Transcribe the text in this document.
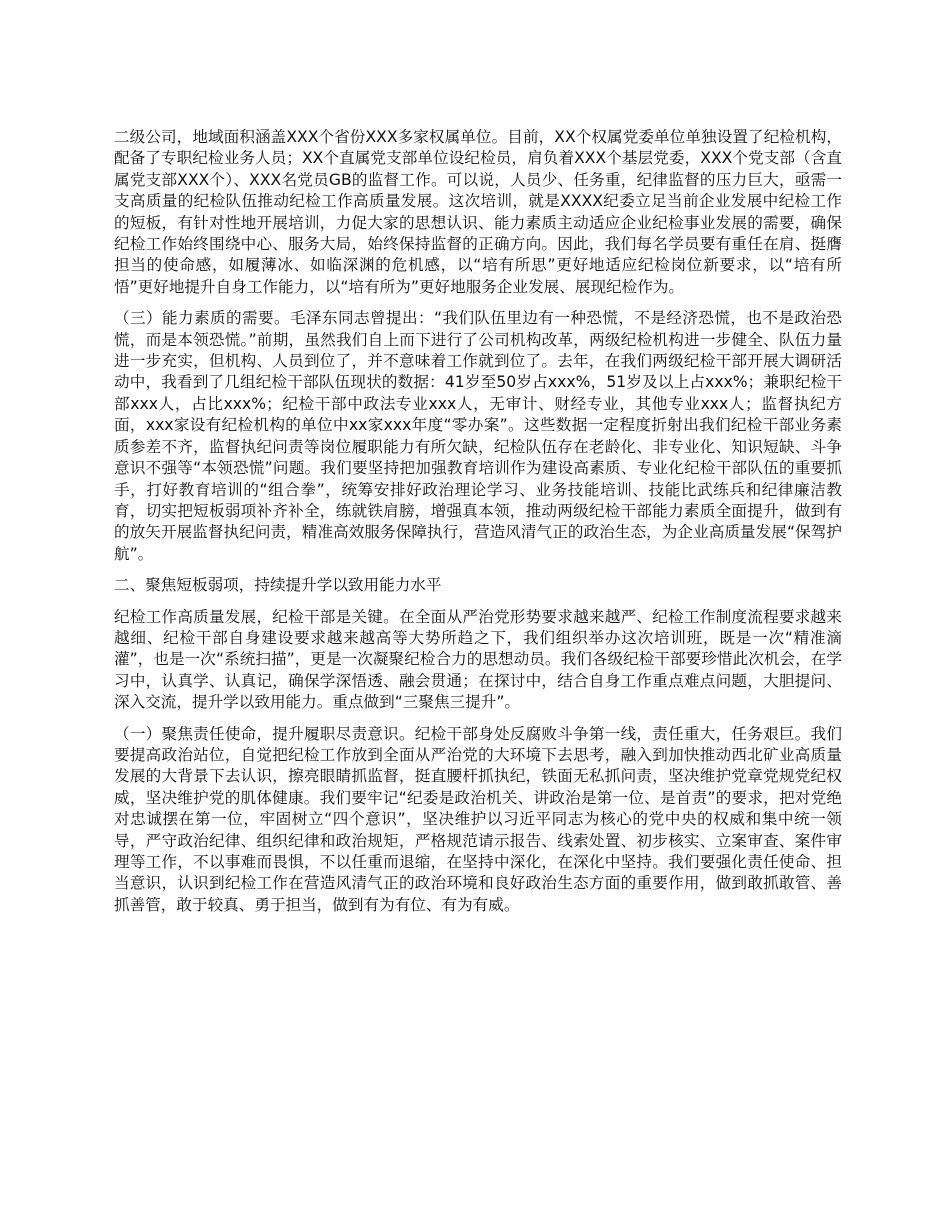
二级公司，地域面积涵盖XXX个省份XXX多家权属单位。目前，XX个权属党委单位单独设置了纪检机构，配备了专职纪检业务人员；XX个直属党支部单位设纪检员，肩负着XXX个基层党委，XXX个党支部（含直属党支部XXX个）、XXX名党员GB的监督工作。可以说，人员少、任务重，纪律监督的压力巨大，亟需一支高质量的纪检队伍推动纪检工作高质量发展。这次培训，就是XXXX纪委立足当前企业发展中纪检工作的短板，有针对性地开展培训，力促大家的思想认识、能力素质主动适应企业纪检事业发展的需要，确保纪检工作始终围绕中心、服务大局，始终保持监督的正确方向。因此，我们每名学员要有重任在肩、挺膺担当的使命感，如履薄冰、如临深渊的危机感，以“培有所思”更好地适应纪检岗位新要求，以“培有所悟”更好地提升自身工作能力，以“培有所为”更好地服务企业发展、展现纪检作为。

（三）能力素质的需要。毛泽东同志曾提出：“我们队伍里边有一种恐慌，不是经济恐慌，也不是政治恐慌，而是本领恐慌。”前期，虽然我们自上而下进行了公司机构改革，两级纪检机构进一步健全、队伍力量进一步充实，但机构、人员到位了，并不意味着工作就到位了。去年，在我们两级纪检干部开展大调研活动中，我看到了几组纪检干部队伍现状的数据：41岁至50岁占xxx%，51岁及以上占xxx%；兼职纪检干部xxx人，占比xxx%；纪检干部中政法专业xxx人，无审计、财经专业，其他专业xxx人；监督执纪方面，xxx家设有纪检机构的单位中xx家xxx年度“零办案”。这些数据一定程度折射出我们纪检干部业务素质参差不齐，监督执纪问责等岗位履职能力有所欠缺，纪检队伍存在老龄化、非专业化、知识短缺、斗争意识不强等“本领恐慌”问题。我们要坚持把加强教育培训作为建设高素质、专业化纪检干部队伍的重要抓手，打好教育培训的“组合拳”，统筹安排好政治理论学习、业务技能培训、技能比武练兵和纪律廉洁教育，切实把短板弱项补齐补全，练就铁肩膀，增强真本领，推动两级纪检干部能力素质全面提升，做到有的放矢开展监督执纪问责，精准高效服务保障执行，营造风清气正的政治生态，为企业高质量发展“保驾护航”。

二、聚焦短板弱项，持续提升学以致用能力水平

纪检工作高质量发展，纪检干部是关键。在全面从严治党形势要求越来越严、纪检工作制度流程要求越来越细、纪检干部自身建设要求越来越高等大势所趋之下，我们组织举办这次培训班，既是一次“精准滴灌”，也是一次“系统扫描”，更是一次凝聚纪检合力的思想动员。我们各级纪检干部要珍惜此次机会，在学习中，认真学、认真记，确保学深悟透、融会贯通；在探讨中，结合自身工作重点难点问题，大胆提问、深入交流，提升学以致用能力。重点做到“三聚焦三提升”。

（一）聚焦责任使命，提升履职尽责意识。纪检干部身处反腐败斗争第一线，责任重大，任务艰巨。我们要提高政治站位，自觉把纪检工作放到全面从严治党的大环境下去思考，融入到加快推动西北矿业高质量发展的大背景下去认识，擦亮眼睛抓监督，挺直腰杆抓执纪，铁面无私抓问责，坚决维护党章党规党纪权威，坚决维护党的肌体健康。我们要牢记“纪委是政治机关、讲政治是第一位、是首责”的要求，把对党绝对忠诚摆在第一位，牢固树立“四个意识”，坚决维护以习近平同志为核心的党中央的权威和集中统一领导，严守政治纪律、组织纪律和政治规矩，严格规范请示报告、线索处置、初步核实、立案审查、案件审理等工作，不以事难而畏惧，不以任重而退缩，在坚持中深化，在深化中坚持。我们要强化责任使命、担当意识，认识到纪检工作在营造风清气正的政治环境和良好政治生态方面的重要作用，做到敢抓敢管、善抓善管，敢于较真、勇于担当，做到有为有位、有为有威。
